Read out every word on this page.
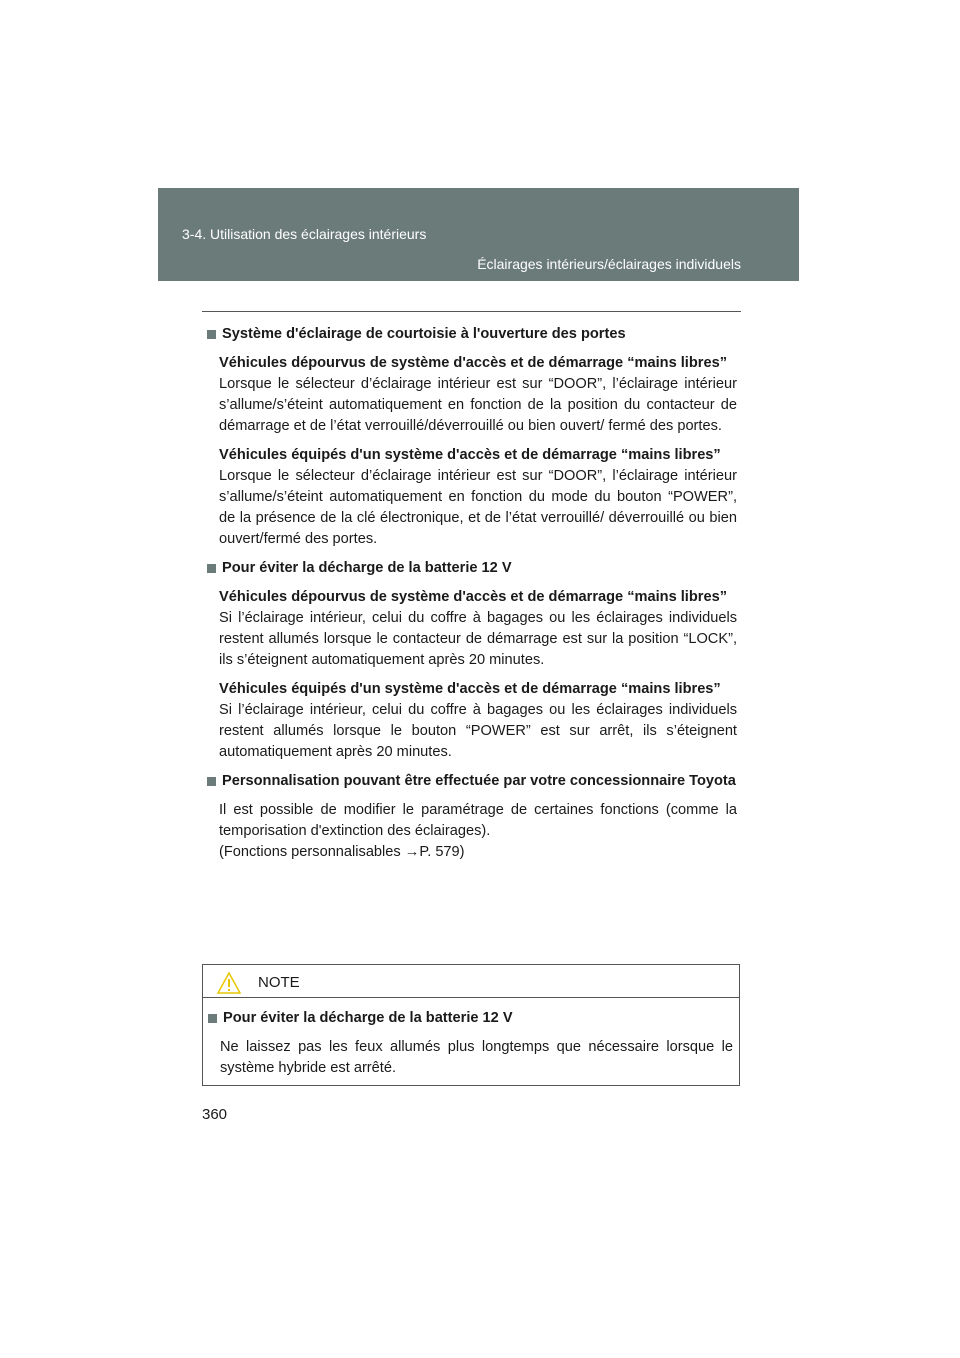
3-4. Utilisation des éclairages intérieurs
Éclairages intérieurs/éclairages individuels
Système d'éclairage de courtoisie à l'ouverture des portes
Véhicules dépourvus de système d'accès et de démarrage “mains libres”
Lorsque le sélecteur d’éclairage intérieur est sur “DOOR”, l’éclairage intérieur s’allume/s’éteint automatiquement en fonction de la position du contacteur de démarrage et de l’état verrouillé/déverrouillé ou bien ouvert/ fermé des portes.
Véhicules équipés d'un système d'accès et de démarrage “mains libres”
Lorsque le sélecteur d’éclairage intérieur est sur “DOOR”, l’éclairage intérieur s’allume/s’éteint automatiquement en fonction du mode du bouton “POWER”, de la présence de la clé électronique, et de l’état verrouillé/ déverrouillé ou bien ouvert/fermé des portes.
Pour éviter la décharge de la batterie 12 V
Véhicules dépourvus de système d'accès et de démarrage “mains libres”
Si l’éclairage intérieur, celui du coffre à bagages ou les éclairages individuels restent allumés lorsque le contacteur de démarrage est sur la position “LOCK”, ils s’éteignent automatiquement après 20 minutes.
Véhicules équipés d'un système d'accès et de démarrage “mains libres”
Si l’éclairage intérieur, celui du coffre à bagages ou les éclairages individuels restent allumés lorsque le bouton “POWER” est sur arrêt, ils s’éteignent automatiquement après 20 minutes.
Personnalisation pouvant être effectuée par votre concessionnaire Toyota
Il est possible de modifier le paramétrage de certaines fonctions (comme la temporisation d'extinction des éclairages).
(Fonctions personnalisables →P. 579)
NOTE
Pour éviter la décharge de la batterie 12 V
Ne laissez pas les feux allumés plus longtemps que nécessaire lorsque le système hybride est arrêté.
360
